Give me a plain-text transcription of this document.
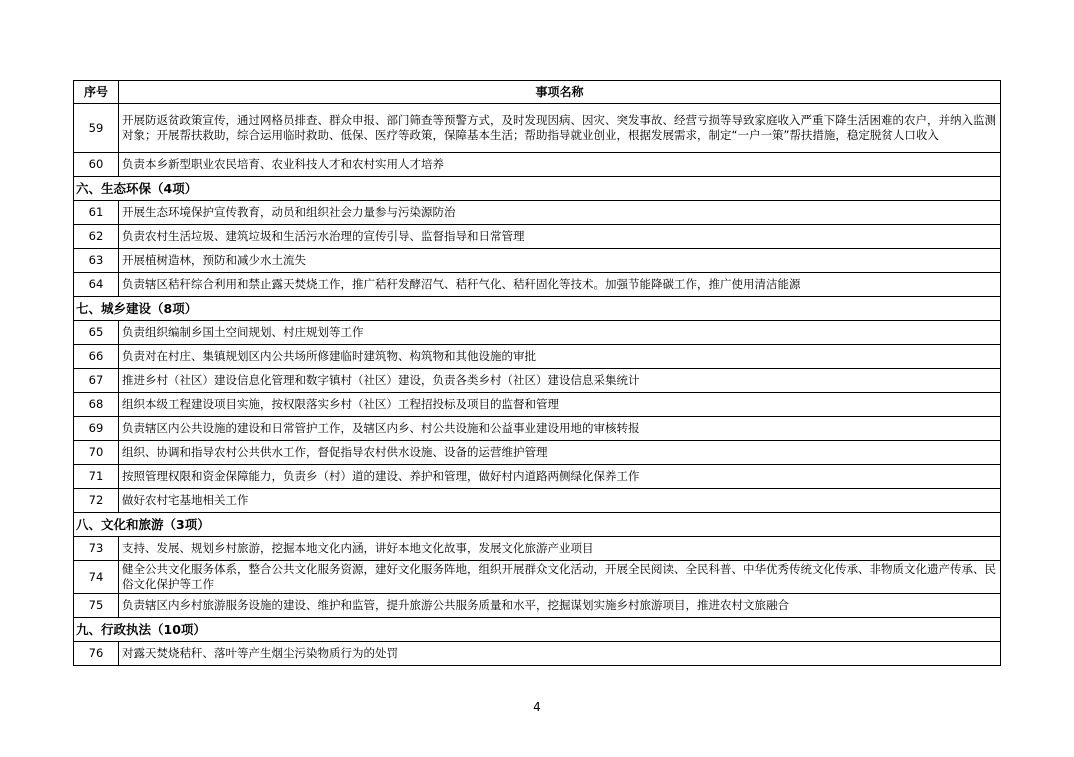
序号	事项名称
59	开展防返贫政策宣传，通过网格员排查、群众申报、部门筛查等预警方式，及时发现因病、因灾、突发事故、经营亏损等导致家庭收入严重下降生活困难的农户，并纳入监测对象；开展帮扶救助，综合运用临时救助、低保、医疗等政策，保障基本生活；帮助指导就业创业，根据发展需求，制定“一户一策”帮扶措施，稳定脱贫人口收入
60	负责本乡新型职业农民培育、农业科技人才和农村实用人才培养
六、生态环保（4项）	
61	开展生态环境保护宣传教育，动员和组织社会力量参与污染源防治
62	负责农村生活垃圾、建筑垃圾和生活污水治理的宣传引导、监督指导和日常管理
63	开展植树造林，预防和减少水土流失
64	负责辖区秸秆综合利用和禁止露天焚烧工作，推广秸秆发酵沼气、秸秆气化、秸秆固化等技术。加强节能降碳工作，推广使用清洁能源
七、城乡建设（8项）	
65	负责组织编制乡国土空间规划、村庄规划等工作
66	负责对在村庄、集镇规划区内公共场所修建临时建筑物、构筑物和其他设施的审批
67	推进乡村（社区）建设信息化管理和数字镇村（社区）建设，负责各类乡村（社区）建设信息采集统计
68	组织本级工程建设项目实施，按权限落实乡村（社区）工程招投标及项目的监督和管理
69	负责辖区内公共设施的建设和日常管护工作，及辖区内乡、村公共设施和公益事业建设用地的审核转报
70	组织、协调和指导农村公共供水工作，督促指导农村供水设施、设备的运营维护管理
71	按照管理权限和资金保障能力，负责乡（村）道的建设、养护和管理，做好村内道路两侧绿化保养工作
72	做好农村宅基地相关工作
八、文化和旅游（3项）	
73	支持、发展、规划乡村旅游，挖掘本地文化内涵，讲好本地文化故事，发展文化旅游产业项目
74	健全公共文化服务体系，整合公共文化服务资源，建好文化服务阵地，组织开展群众文化活动，开展全民阅读、全民科普、中华优秀传统文化传承、非物质文化遗产传承、民俗文化保护等工作
75	负责辖区内乡村旅游服务设施的建设、维护和监管，提升旅游公共服务质量和水平，挖掘谋划实施乡村旅游项目，推进农村文旅融合
九、行政执法（10项）	
76	对露天焚烧秸秆、落叶等产生烟尘污染物质行为的处罚
4
